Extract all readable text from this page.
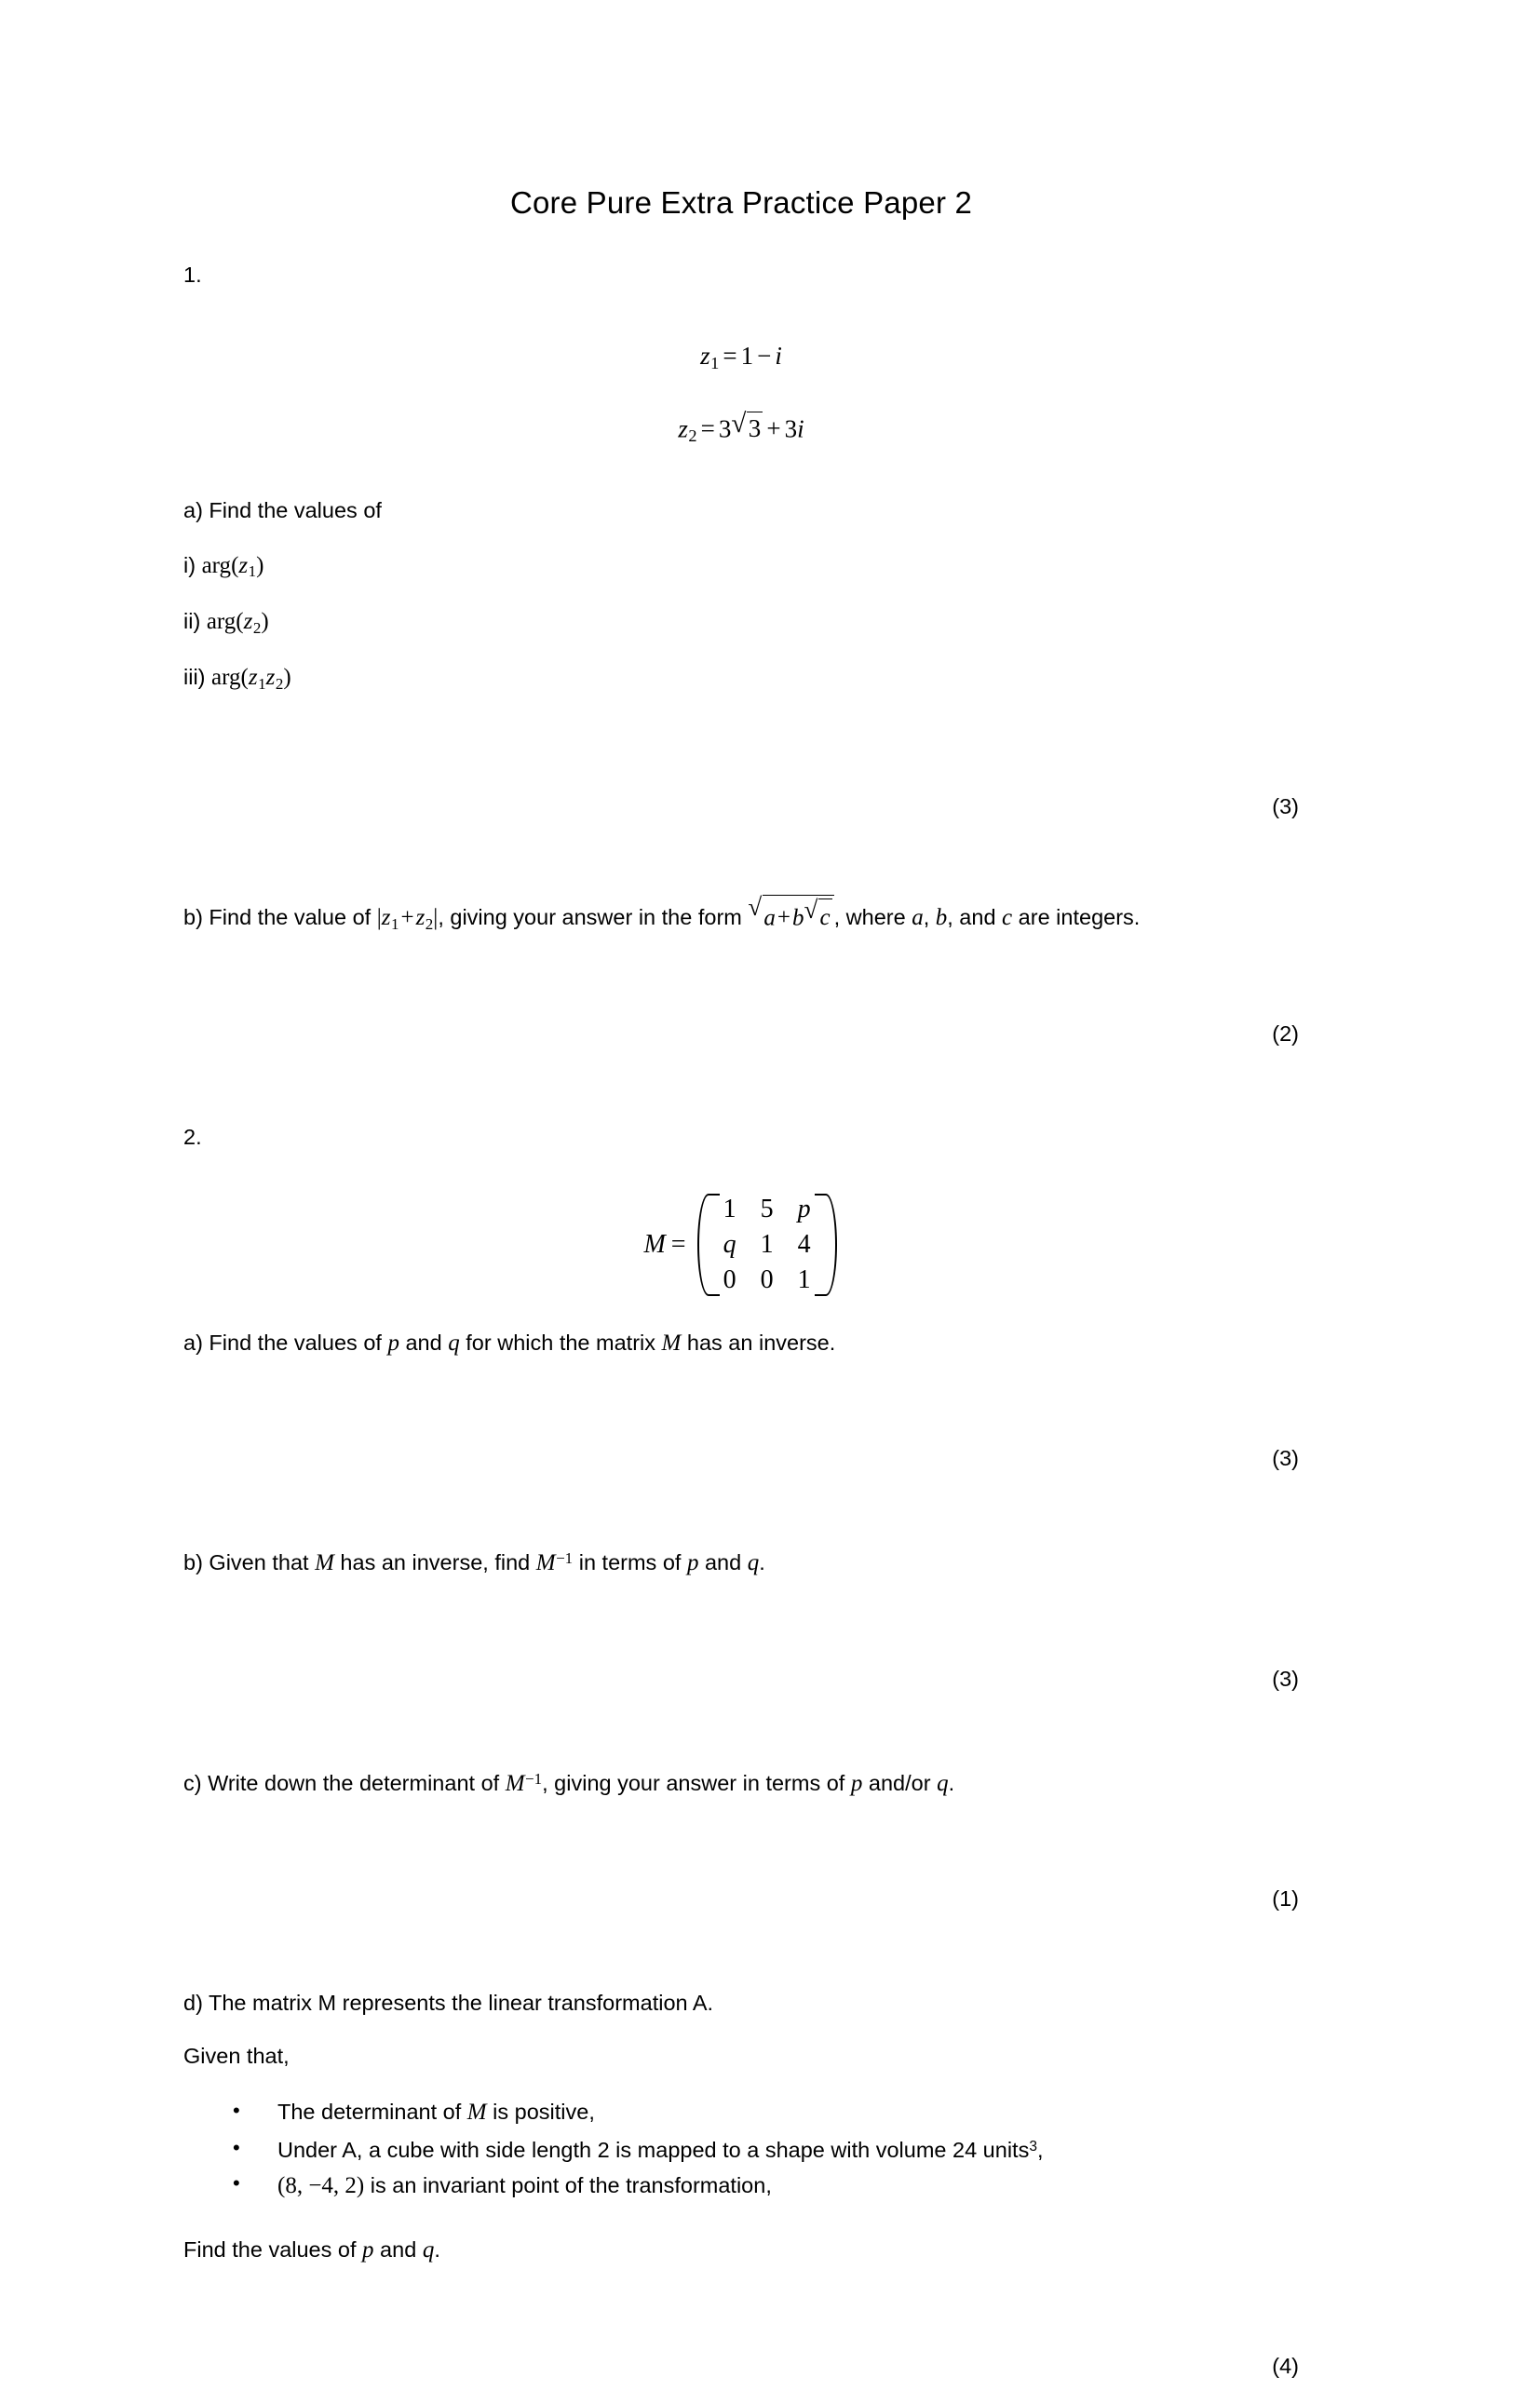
Core Pure Extra Practice Paper 2

1.

$z_1 = 1 - i$
$z_2 = 3$ √ 3 + 3i

a) Find the values of

i) $arg(z_1)$

ii) $arg(z_2)$

iii) $arg(z_1z_2)$

(3)

b) Find the value of $|z_1+z_2|$, giving your answer in the form √ a+b √ c , where a, b, and c are integers.

(2)

2.

M =
1	5	p
q	1	4
0	0	1

a) Find the values of p and q for which the matrix M has an inverse.

(3)

b) Given that M has an inverse, find $M^{-1}$ in terms of p and q.

(3)

c) Write down the determinant of $M^{-1}$, giving your answer in terms of p and/or q.

(1)

d) The matrix M represents the linear transformation A.

Given that,

• The determinant of M is positive,
• Under A, a cube with side length 2 is mapped to a shape with volume 24 units$^3$,
• (8, −4, 2) is an invariant point of the transformation,

Find the values of p and q.

(4)
